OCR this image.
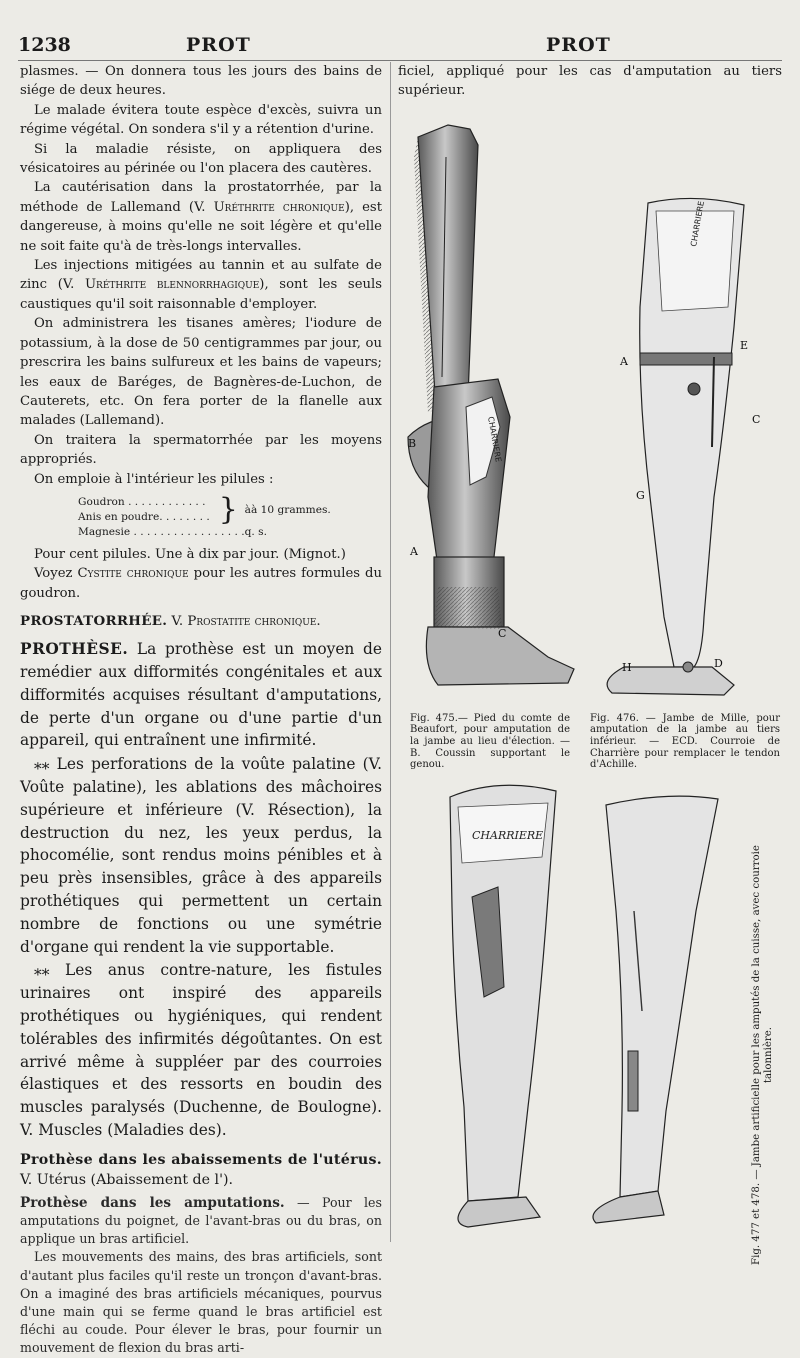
1238	PROT	PROT

plasmes. — On donnera tous les jours des bains de siége de deux heures.

Le malade évitera toute espèce d'excès, suivra un régime végétal. On sondera s'il y a rétention d'urine.

Si la maladie résiste, on appliquera des vésicatoires au périnée ou l'on placera des cautères.

La cautérisation dans la prostatorrhée, par la méthode de Lallemand (V. Uréthrite chronique), est dangereuse, à moins qu'elle ne soit légère et qu'elle ne soit faite qu'à de très-longs intervalles.

Les injections mitigées au tannin et au sulfate de zinc (V. Uréthrite blennorrhagique), sont les seuls caustiques qu'il soit raisonnable d'employer.

On administrera les tisanes amères; l'iodure de potassium, à la dose de 50 centigrammes par jour, ou prescrira les bains sulfureux et les bains de vapeurs; les eaux de Baréges, de Bagnères-de-Luchon, de Cauterets, etc. On fera porter de la flanelle aux malades (Lallemand).

On traitera la spermatorrhée par les moyens appropriés.

On emploie à l'intérieur les pilules :

Goudron . . . . . . . . . . . .	}	àà 10 grammes.
Anis en poudre. . . . . . . .		
Magnesie . . . . . . . . . . . . . . . . .		q. s.

Pour cent pilules. Une à dix par jour. (Mignot.)

Voyez Cystite chronique pour les autres formules du goudron.

PROSTATORRHÉE. V. Prostatite chronique.

PROTHÈSE. La prothèse est un moyen de remédier aux difformités congénitales et aux difformités acquises résultant d'amputations, de perte d'un organe ou d'une partie d'un appareil, qui entraînent une infirmité.

⁎⁎ Les perforations de la voûte palatine (V. Voûte palatine), les ablations des mâchoires supérieure et inférieure (V. Résection), la destruction du nez, les yeux perdus, la phocomélie, sont rendus moins pénibles et à peu près insensibles, grâce à des appareils prothétiques qui permettent un certain nombre de fonctions ou une symétrie d'organe qui rendent la vie supportable.

⁎⁎ Les anus contre-nature, les fistules urinaires ont inspiré des appareils prothétiques ou hygiéniques, qui rendent tolérables des infirmités dégoûtantes. On est arrivé même à suppléer par des courroies élastiques et des ressorts en boudin des muscles paralysés (Duchenne, de Boulogne). V. Muscles (Maladies des).

Prothèse dans les abaissements de l'utérus. V. Utérus (Abaissement de l').

Prothèse dans les amputations. — Pour les amputations du poignet, de l'avant-bras ou du bras, on applique un bras artificiel.

Les mouvements des mains, des bras artificiels, sont d'autant plus faciles qu'il reste un tronçon d'avant-bras. On a imaginé des bras artificiels mécaniques, pourvus d'une main qui se ferme quand le bras artificiel est fléchi au coude. Pour élever le bras, pour fournir un mouvement de flexion du bras arti-

ficiel, appliqué pour les cas d'amputation au tiers supérieur.

CHARRIERE
B
A
C
CHARRIERE
A
E
C
G
H	D
Fig. 475.— Pied du comte de Beaufort, pour amputation de la jambe au lieu d'élection. — B. Coussin supportant le genou.
Fig. 476. — Jambe de Mille, pour amputation de la jambe au tiers inférieur. — ECD. Courroie de Charrière pour remplacer le tendon d'Achille.
CHARRIERE
Fig. 477 et 478. — Jambe artificielle pour les amputés de la cuisse, avec courroie talonnière.
